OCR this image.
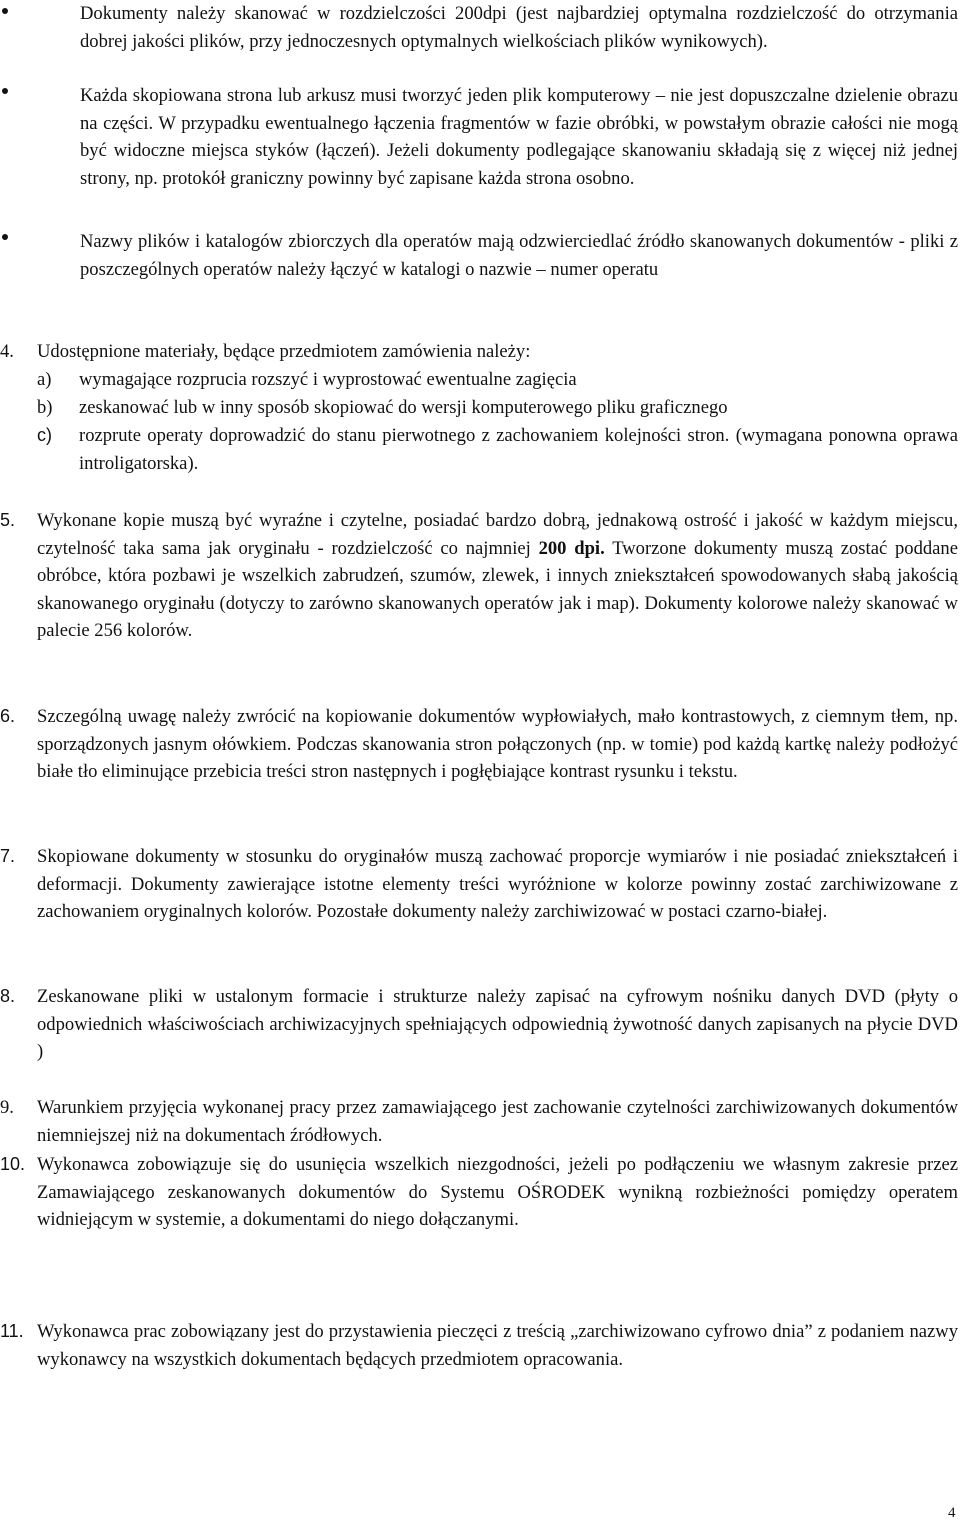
Dokumenty należy skanować w rozdzielczości 200dpi (jest najbardziej optymalna rozdzielczość do otrzymania dobrej jakości plików, przy jednoczesnych optymalnych wielkościach plików wynikowych).

Każda skopiowana strona lub arkusz musi tworzyć jeden plik komputerowy – nie jest dopuszczalne dzielenie obrazu na części. W przypadku ewentualnego łączenia fragmentów w fazie obróbki, w powstałym obrazie całości nie mogą być widoczne miejsca styków (łączeń). Jeżeli dokumenty podlegające skanowaniu składają się z więcej niż jednej strony, np. protokół graniczny powinny być zapisane każda strona osobno.

Nazwy plików i katalogów zbiorczych dla operatów mają odzwierciedlać źródło skanowanych dokumentów - pliki z poszczególnych operatów należy łączyć w katalogi o nazwie – numer operatu

4. Udostępnione materiały, będące przedmiotem zamówienia należy:

a) wymagające rozprucia rozszyć i wyprostować ewentualne zagięcia

b) zeskanować lub w inny sposób skopiować do wersji komputerowego pliku graficznego

c) rozprute operaty doprowadzić do stanu pierwotnego z zachowaniem kolejności stron. (wymagana ponowna oprawa introligatorska).

5. Wykonane kopie muszą być wyraźne i czytelne, posiadać bardzo dobrą, jednakową ostrość i jakość w każdym miejscu, czytelność taka sama jak oryginału - rozdzielczość co najmniej 200 dpi. Tworzone dokumenty muszą zostać poddane obróbce, która pozbawi je wszelkich zabrudzeń, szumów, zlewek, i innych zniekształceń spowodowanych słabą jakością skanowanego oryginału (dotyczy to zarówno skanowanych operatów jak i map). Dokumenty kolorowe należy skanować w palecie 256 kolorów.

6. Szczególną uwagę należy zwrócić na kopiowanie dokumentów wypłowiałych, mało kontrastowych, z ciemnym tłem, np. sporządzonych jasnym ołówkiem. Podczas skanowania stron połączonych (np. w tomie) pod każdą kartkę należy podłożyć białe tło eliminujące przebicia treści stron następnych i pogłębiające kontrast rysunku i tekstu.

7. Skopiowane dokumenty w stosunku do oryginałów muszą zachować proporcje wymiarów i nie posiadać zniekształceń i deformacji. Dokumenty zawierające istotne elementy treści wyróżnione w kolorze powinny zostać zarchiwizowane z zachowaniem oryginalnych kolorów. Pozostałe dokumenty należy zarchiwizować w postaci czarno-białej.

8. Zeskanowane pliki w ustalonym formacie i strukturze należy zapisać na cyfrowym nośniku danych DVD (płyty o odpowiednich właściwościach archiwizacyjnych spełniających odpowiednią żywotność danych zapisanych na płycie DVD )

9. Warunkiem przyjęcia wykonanej pracy przez zamawiającego jest zachowanie czytelności zarchiwizowanych dokumentów niemniejszej niż na dokumentach źródłowych.

10. Wykonawca zobowiązuje się do usunięcia wszelkich niezgodności, jeżeli po podłączeniu we własnym zakresie przez Zamawiającego zeskanowanych dokumentów do Systemu OŚRODEK wynikną rozbieżności pomiędzy operatem widniejącym w systemie, a dokumentami do niego dołączanymi.

11. Wykonawca prac zobowiązany jest do przystawienia pieczęci z treścią „zarchiwizowano cyfrowo dnia” z podaniem nazwy wykonawcy na wszystkich dokumentach będących przedmiotem opracowania.

4
